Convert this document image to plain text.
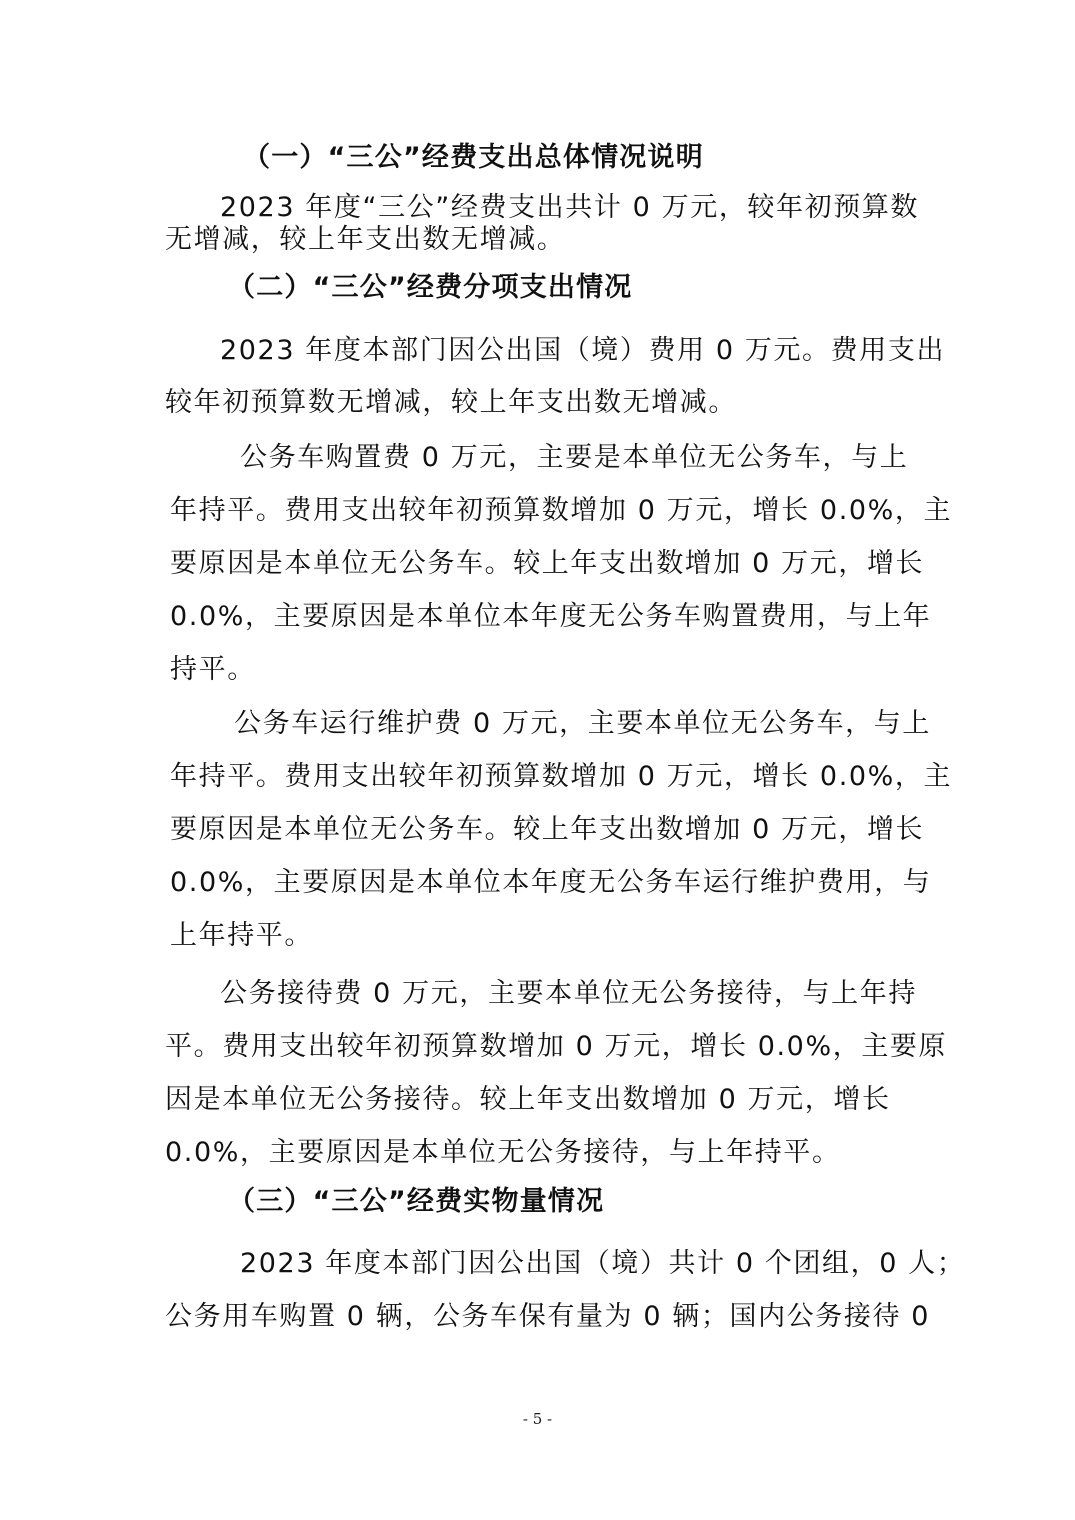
（一）“三公”经费支出总体情况说明
2023 年度“三公”经费支出共计 0 万元，较年初预算数
无增减，较上年支出数无增减。
（二）“三公”经费分项支出情况
2023 年度本部门因公出国（境）费用 0 万元。费用支出
较年初预算数无增减，较上年支出数无增减。
公务车购置费 0 万元，主要是本单位无公务车，与上
年持平。费用支出较年初预算数增加 0 万元，增长 0.0%，主
要原因是本单位无公务车。较上年支出数增加 0 万元，增长
0.0%，主要原因是本单位本年度无公务车购置费用，与上年
持平。
公务车运行维护费 0 万元，主要本单位无公务车，与上
年持平。费用支出较年初预算数增加 0 万元，增长 0.0%，主
要原因是本单位无公务车。较上年支出数增加 0 万元，增长
0.0%，主要原因是本单位本年度无公务车运行维护费用，与
上年持平。
公务接待费 0 万元，主要本单位无公务接待，与上年持
平。费用支出较年初预算数增加 0 万元，增长 0.0%，主要原
因是本单位无公务接待。较上年支出数增加 0 万元，增长
0.0%，主要原因是本单位无公务接待，与上年持平。
（三）“三公”经费实物量情况
2023 年度本部门因公出国（境）共计 0 个团组，0 人；
公务用车购置 0 辆，公务车保有量为 0 辆；国内公务接待 0
- 5 -
